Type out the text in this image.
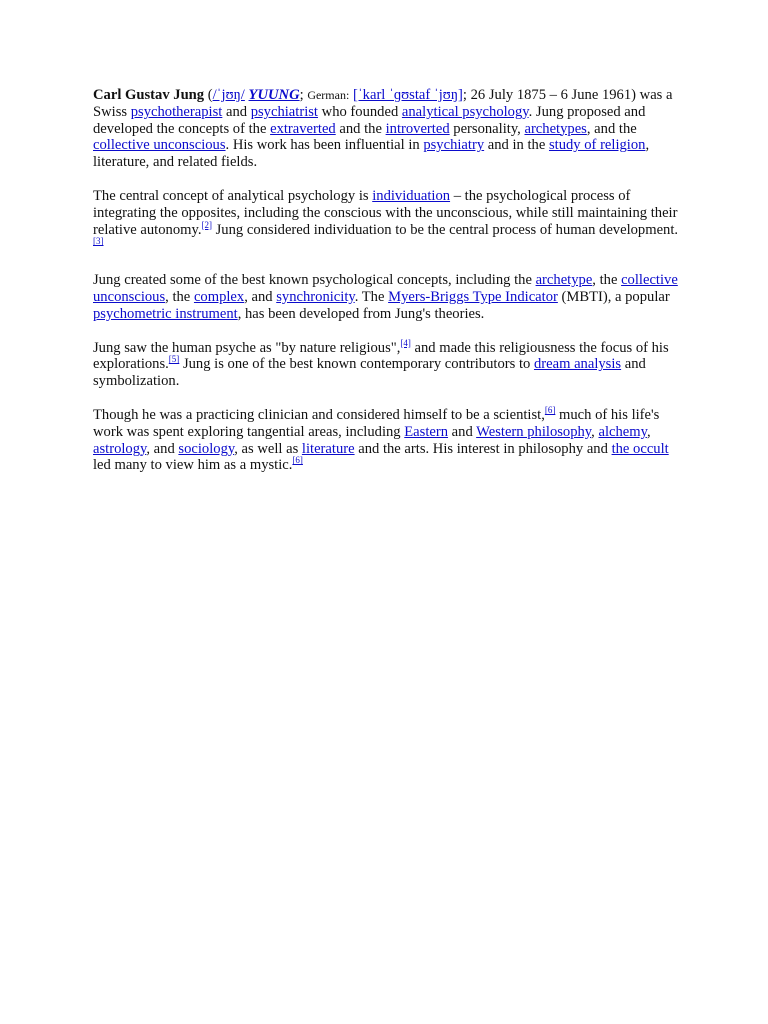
Carl Gustav Jung (/ˈjʊŋ/ YUUNG; German: [ˈkarl ˈɡʊstaf ˈjʊŋ]; 26 July 1875 – 6 June 1961) was a Swiss psychotherapist and psychiatrist who founded analytical psychology. Jung proposed and developed the concepts of the extraverted and the introverted personality, archetypes, and the collective unconscious. His work has been influential in psychiatry and in the study of religion, literature, and related fields.

The central concept of analytical psychology is individuation – the psychological process of integrating the opposites, including the conscious with the unconscious, while still maintaining their relative autonomy.[2] Jung considered individuation to be the central process of human development.[3]

Jung created some of the best known psychological concepts, including the archetype, the collective unconscious, the complex, and synchronicity. The Myers-Briggs Type Indicator (MBTI), a popular psychometric instrument, has been developed from Jung's theories.

Jung saw the human psyche as "by nature religious",[4] and made this religiousness the focus of his explorations.[5] Jung is one of the best known contemporary contributors to dream analysis and symbolization.

Though he was a practicing clinician and considered himself to be a scientist,[6] much of his life's work was spent exploring tangential areas, including Eastern and Western philosophy, alchemy, astrology, and sociology, as well as literature and the arts. His interest in philosophy and the occult led many to view him as a mystic.[6]
